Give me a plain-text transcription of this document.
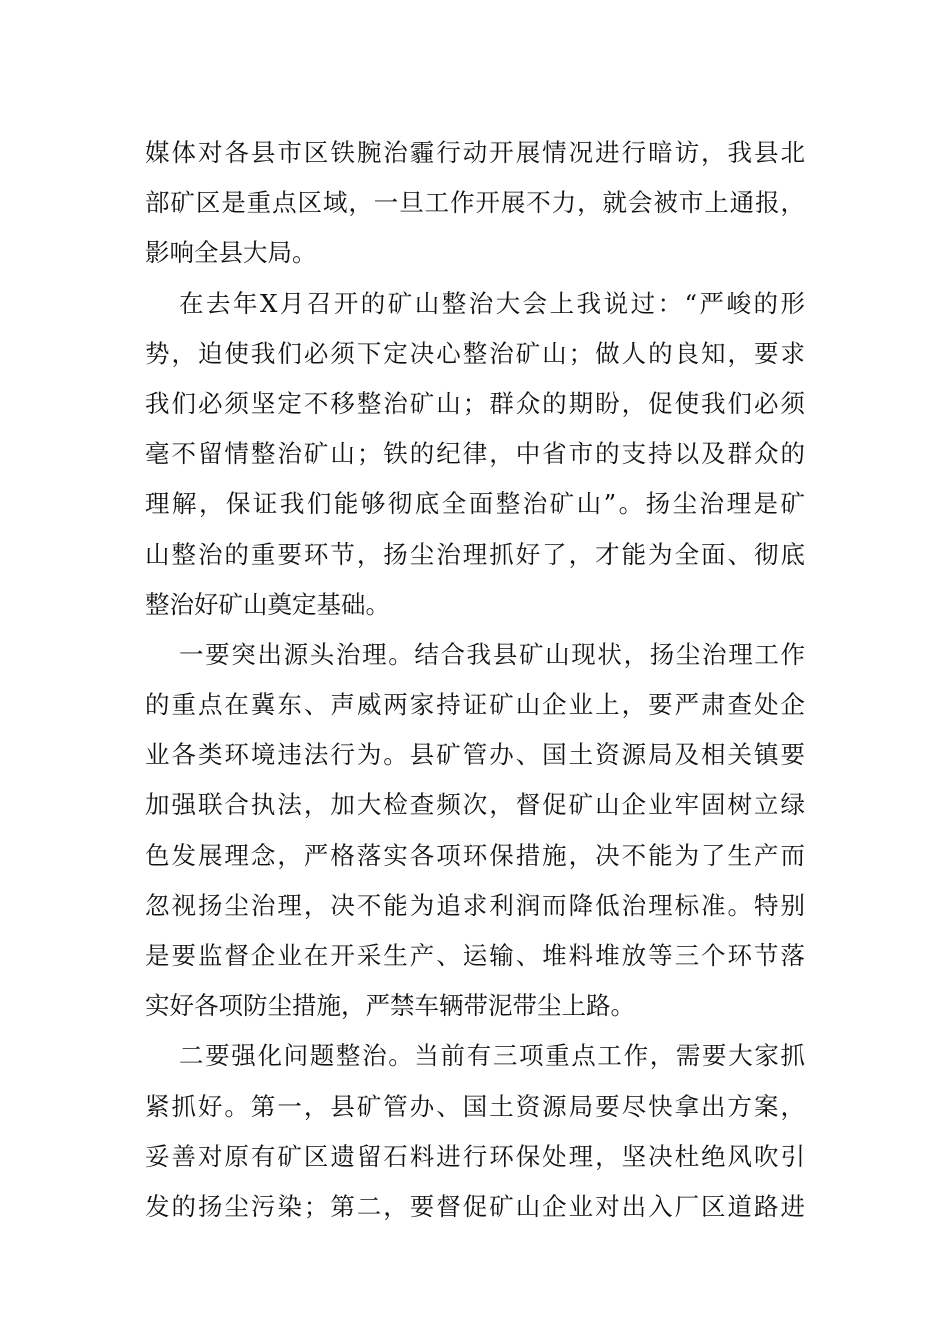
媒体对各县市区铁腕治霾行动开展情况进行暗访，我县北
部矿区是重点区域，一旦工作开展不力，就会被市上通报，
影响全县大局。

在去年X月召开的矿山整治大会上我说过：“严峻的形
势，迫使我们必须下定决心整治矿山；做人的良知，要求
我们必须坚定不移整治矿山；群众的期盼，促使我们必须
毫不留情整治矿山；铁的纪律，中省市的支持以及群众的
理解，保证我们能够彻底全面整治矿山”。扬尘治理是矿
山整治的重要环节，扬尘治理抓好了，才能为全面、彻底
整治好矿山奠定基础。

一要突出源头治理。结合我县矿山现状，扬尘治理工作
的重点在冀东、声威两家持证矿山企业上，要严肃查处企
业各类环境违法行为。县矿管办、国土资源局及相关镇要
加强联合执法，加大检查频次，督促矿山企业牢固树立绿
色发展理念，严格落实各项环保措施，决不能为了生产而
忽视扬尘治理，决不能为追求利润而降低治理标准。特别
是要监督企业在开采生产、运输、堆料堆放等三个环节落
实好各项防尘措施，严禁车辆带泥带尘上路。

二要强化问题整治。当前有三项重点工作，需要大家抓
紧抓好。第一，县矿管办、国土资源局要尽快拿出方案，
妥善对原有矿区遗留石料进行环保处理，坚决杜绝风吹引
发的扬尘污染；第二，要督促矿山企业对出入厂区道路进
